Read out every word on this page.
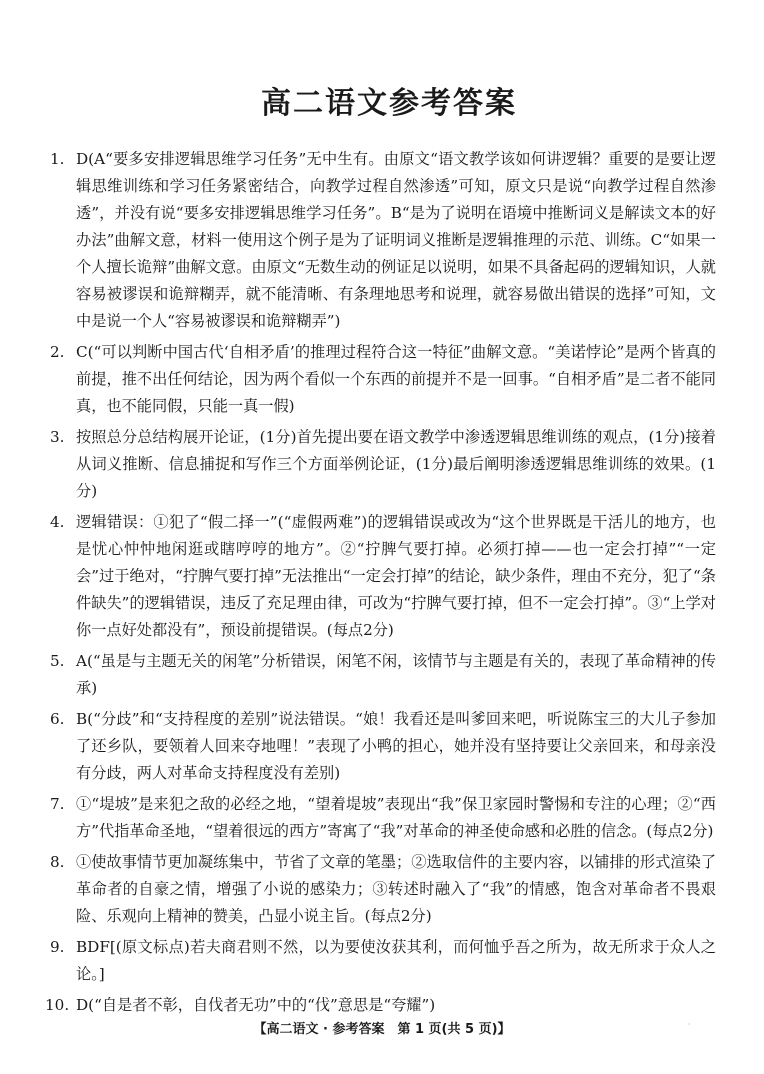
高二语文参考答案
1. D(A“要多安排逻辑思维学习任务”无中生有。由原文“语文教学该如何讲逻辑？重要的是要让逻辑思维训练和学习任务紧密结合，向教学过程自然渗透”可知，原文只是说“向教学过程自然渗透”，并没有说“要多安排逻辑思维学习任务”。B“是为了说明在语境中推断词义是解读文本的好办法”曲解文意，材料一使用这个例子是为了证明词义推断是逻辑推理的示范、训练。C“如果一个人擅长诡辩”曲解文意。由原文“无数生动的例证足以说明，如果不具备起码的逻辑知识，人就容易被谬误和诡辩糊弄，就不能清晰、有条理地思考和说理，就容易做出错误的选择”可知，文中是说一个人“容易被谬误和诡辩糊弄”)
2. C(“可以判断中国古代‘自相矛盾’的推理过程符合这一特征”曲解文意。“美诺悖论”是两个皆真的前提，推不出任何结论，因为两个看似一个东西的前提并不是一回事。“自相矛盾”是二者不能同真，也不能同假，只能一真一假)
3. 按照总分总结构展开论证，(1分)首先提出要在语文教学中渗透逻辑思维训练的观点，(1分)接着从词义推断、信息捕捉和写作三个方面举例论证，(1分)最后阐明渗透逻辑思维训练的效果。(1分)
4. 逻辑错误：①犯了“假二择一”(“虚假两难”)的逻辑错误或改为“这个世界既是干活儿的地方，也是忧心忡忡地闲逛或瞎哼哼的地方”。②“拧脾气要打掉。必须打掉——也一定会打掉”“一定会”过于绝对，“拧脾气要打掉”无法推出“一定会打掉”的结论，缺少条件，理由不充分，犯了“条件缺失”的逻辑错误，违反了充足理由律，可改为“拧脾气要打掉，但不一定会打掉”。③“上学对你一点好处都没有”，预设前提错误。(每点2分)
5. A(“虽是与主题无关的闲笔”分析错误，闲笔不闲，该情节与主题是有关的，表现了革命精神的传承)
6. B(“分歧”和“支持程度的差别”说法错误。“娘！我看还是叫爹回来吧，听说陈宝三的大儿子参加了还乡队，要领着人回来夺地哩！”表现了小鸭的担心，她并没有坚持要让父亲回来，和母亲没有分歧，两人对革命支持程度没有差别)
7. ①“堤坡”是来犯之敌的必经之地，“望着堤坡”表现出“我”保卫家园时警惕和专注的心理；②“西方”代指革命圣地，“望着很远的西方”寄寓了“我”对革命的神圣使命感和必胜的信念。(每点2分)
8. ①使故事情节更加凝练集中，节省了文章的笔墨；②选取信件的主要内容，以铺排的形式渲染了革命者的自豪之情，增强了小说的感染力；③转述时融入了“我”的情感，饱含对革命者不畏艰险、乐观向上精神的赞美，凸显小说主旨。(每点2分)
9. BDF[(原文标点)若夫商君则不然，以为要使汝获其利，而何恤乎吾之所为，故无所求于众人之论。]
10. D(“自是者不彰，自伐者无功”中的“伐”意思是“夸耀”)
【高二语文 · 参考答案　第 1 页(共 5 页)】	·
